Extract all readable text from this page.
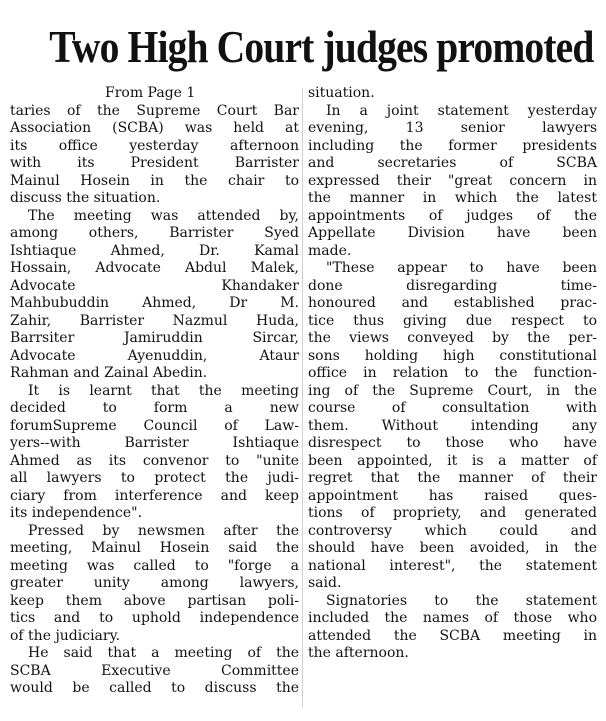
Two High Court judges promoted
From Page 1
taries of the Supreme Court Bar
Association (SCBA) was held at
its office yesterday afternoon
with its President Barrister
Mainul Hosein in the chair to
discuss the situation.
The meeting was attended by,
among others, Barrister Syed
Ishtiaque Ahmed, Dr. Kamal
Hossain, Advocate Abdul Malek,
Advocate Khandaker
Mahbubuddin Ahmed, Dr M.
Zahir, Barrister Nazmul Huda,
Barrsiter Jamiruddin Sircar,
Advocate Ayenuddin, Ataur
Rahman and Zainal Abedin.
It is learnt that the meeting
decided to form a new
forumSupreme Council of Law-
yers--with Barrister Ishtiaque
Ahmed as its convenor to "unite
all lawyers to protect the judi-
ciary from interference and keep
its independence".
Pressed by newsmen after the
meeting, Mainul Hosein said the
meeting was called to "forge a
greater unity among lawyers,
keep them above partisan poli-
tics and to uphold independence
of the judiciary.
He said that a meeting of the
SCBA Executive Committee
would be called to discuss the
situation.
In a joint statement yesterday
evening, 13 senior lawyers
including the former presidents
and secretaries of SCBA
expressed their "great concern in
the manner in which the latest
appointments of judges of the
Appellate Division have been
made.
"These appear to have been
done disregarding time-
honoured and established prac-
tice thus giving due respect to
the views conveyed by the per-
sons holding high constitutional
office in relation to the function-
ing of the Supreme Court, in the
course of consultation with
them. Without intending any
disrespect to those who have
been appointed, it is a matter of
regret that the manner of their
appointment has raised ques-
tions of propriety, and generated
controversy which could and
should have been avoided, in the
national interest", the statement
said.
Signatories to the statement
included the names of those who
attended the SCBA meeting in
the afternoon.
